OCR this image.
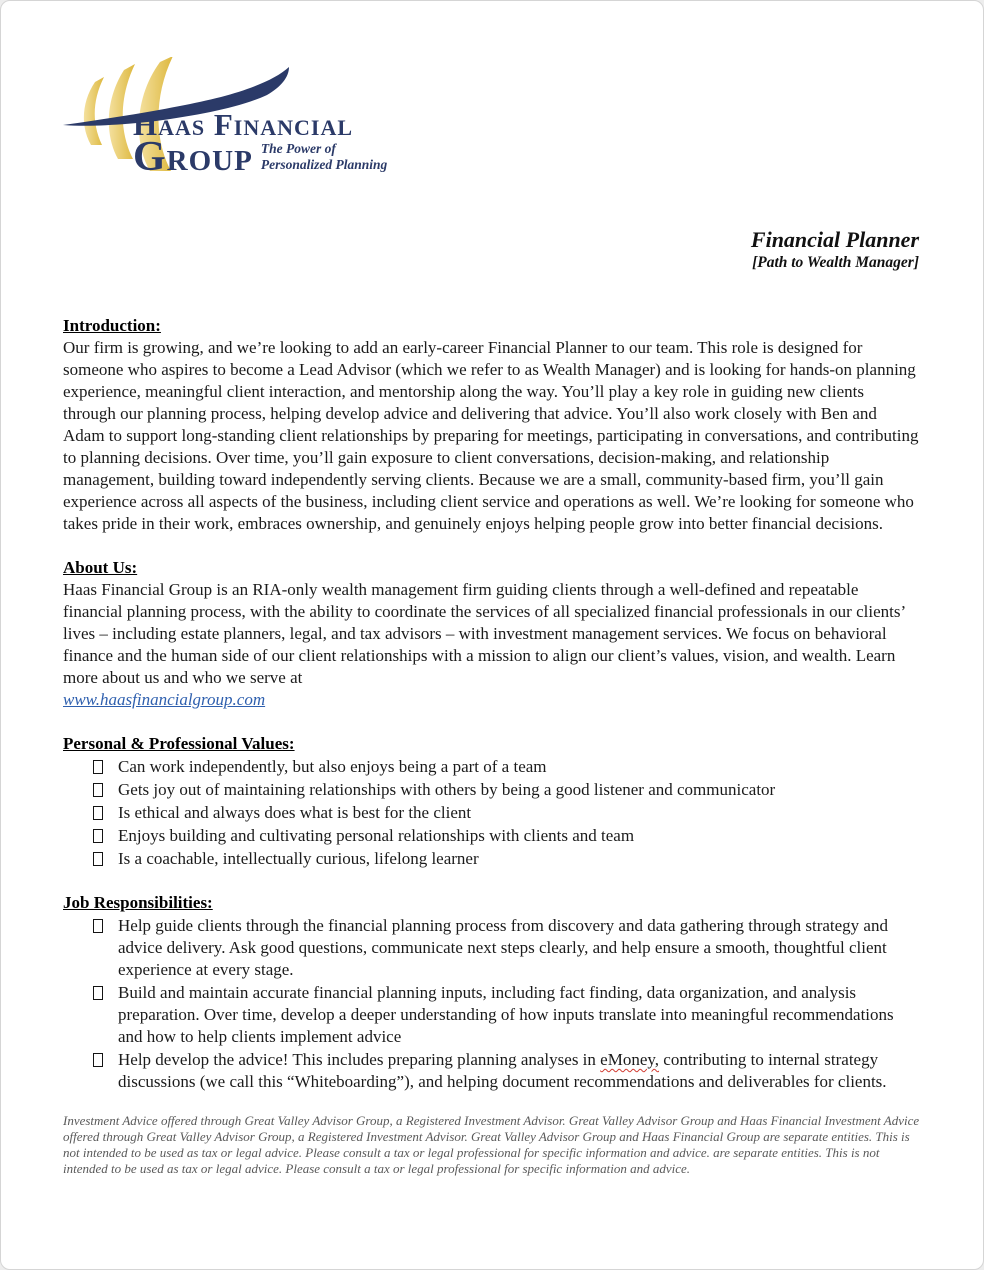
Haas Financial
Group The Power of
Personalized Planning
Financial Planner
[Path to Wealth Manager]
Introduction:

Our firm is growing, and we’re looking to add an early-career Financial Planner to our team. This role is designed for someone who aspires to become a Lead Advisor (which we refer to as Wealth Manager) and is looking for hands-on planning experience, meaningful client interaction, and mentorship along the way. You’ll play a key role in guiding new clients through our planning process, helping develop advice and delivering that advice. You’ll also work closely with Ben and Adam to support long-standing client relationships by preparing for meetings, participating in conversations, and contributing to planning decisions. Over time, you’ll gain exposure to client conversations, decision-making, and relationship management, building toward independently serving clients. Because we are a small, community-based firm, you’ll gain experience across all aspects of the business, including client service and operations as well. We’re looking for someone who takes pride in their work, embraces ownership, and genuinely enjoys helping people grow into better financial decisions.

About Us:

Haas Financial Group is an RIA-only wealth management firm guiding clients through a well-defined and repeatable financial planning process, with the ability to coordinate the services of all specialized financial professionals in our clients’ lives – including estate planners, legal, and tax advisors – with investment management services. We focus on behavioral finance and the human side of our client relationships with a mission to align our client’s values, vision, and wealth. Learn more about us and who we serve at

www.haasfinancialgroup.com
Personal & Professional Values:
Can work independently, but also enjoys being a part of a team
Gets joy out of maintaining relationships with others by being a good listener and communicator
Is ethical and always does what is best for the client
Enjoys building and cultivating personal relationships with clients and team
Is a coachable, intellectually curious, lifelong learner
Job Responsibilities:
Help guide clients through the financial planning process from discovery and data gathering through strategy and advice delivery. Ask good questions, communicate next steps clearly, and help ensure a smooth, thoughtful client experience at every stage.
Build and maintain accurate financial planning inputs, including fact finding, data organization, and analysis preparation. Over time, develop a deeper understanding of how inputs translate into meaningful recommendations and how to help clients implement advice
Help develop the advice! This includes preparing planning analyses in eMoney, contributing to internal strategy discussions (we call this “Whiteboarding”), and helping document recommendations and deliverables for clients.

Investment Advice offered through Great Valley Advisor Group, a Registered Investment Advisor. Great Valley Advisor Group and Haas Financial Investment Advice offered through Great Valley Advisor Group, a Registered Investment Advisor. Great Valley Advisor Group and Haas Financial Group are separate entities. This is not intended to be used as tax or legal advice. Please consult a tax or legal professional for specific information and advice. are separate entities. This is not intended to be used as tax or legal advice. Please consult a tax or legal professional for specific information and advice.
